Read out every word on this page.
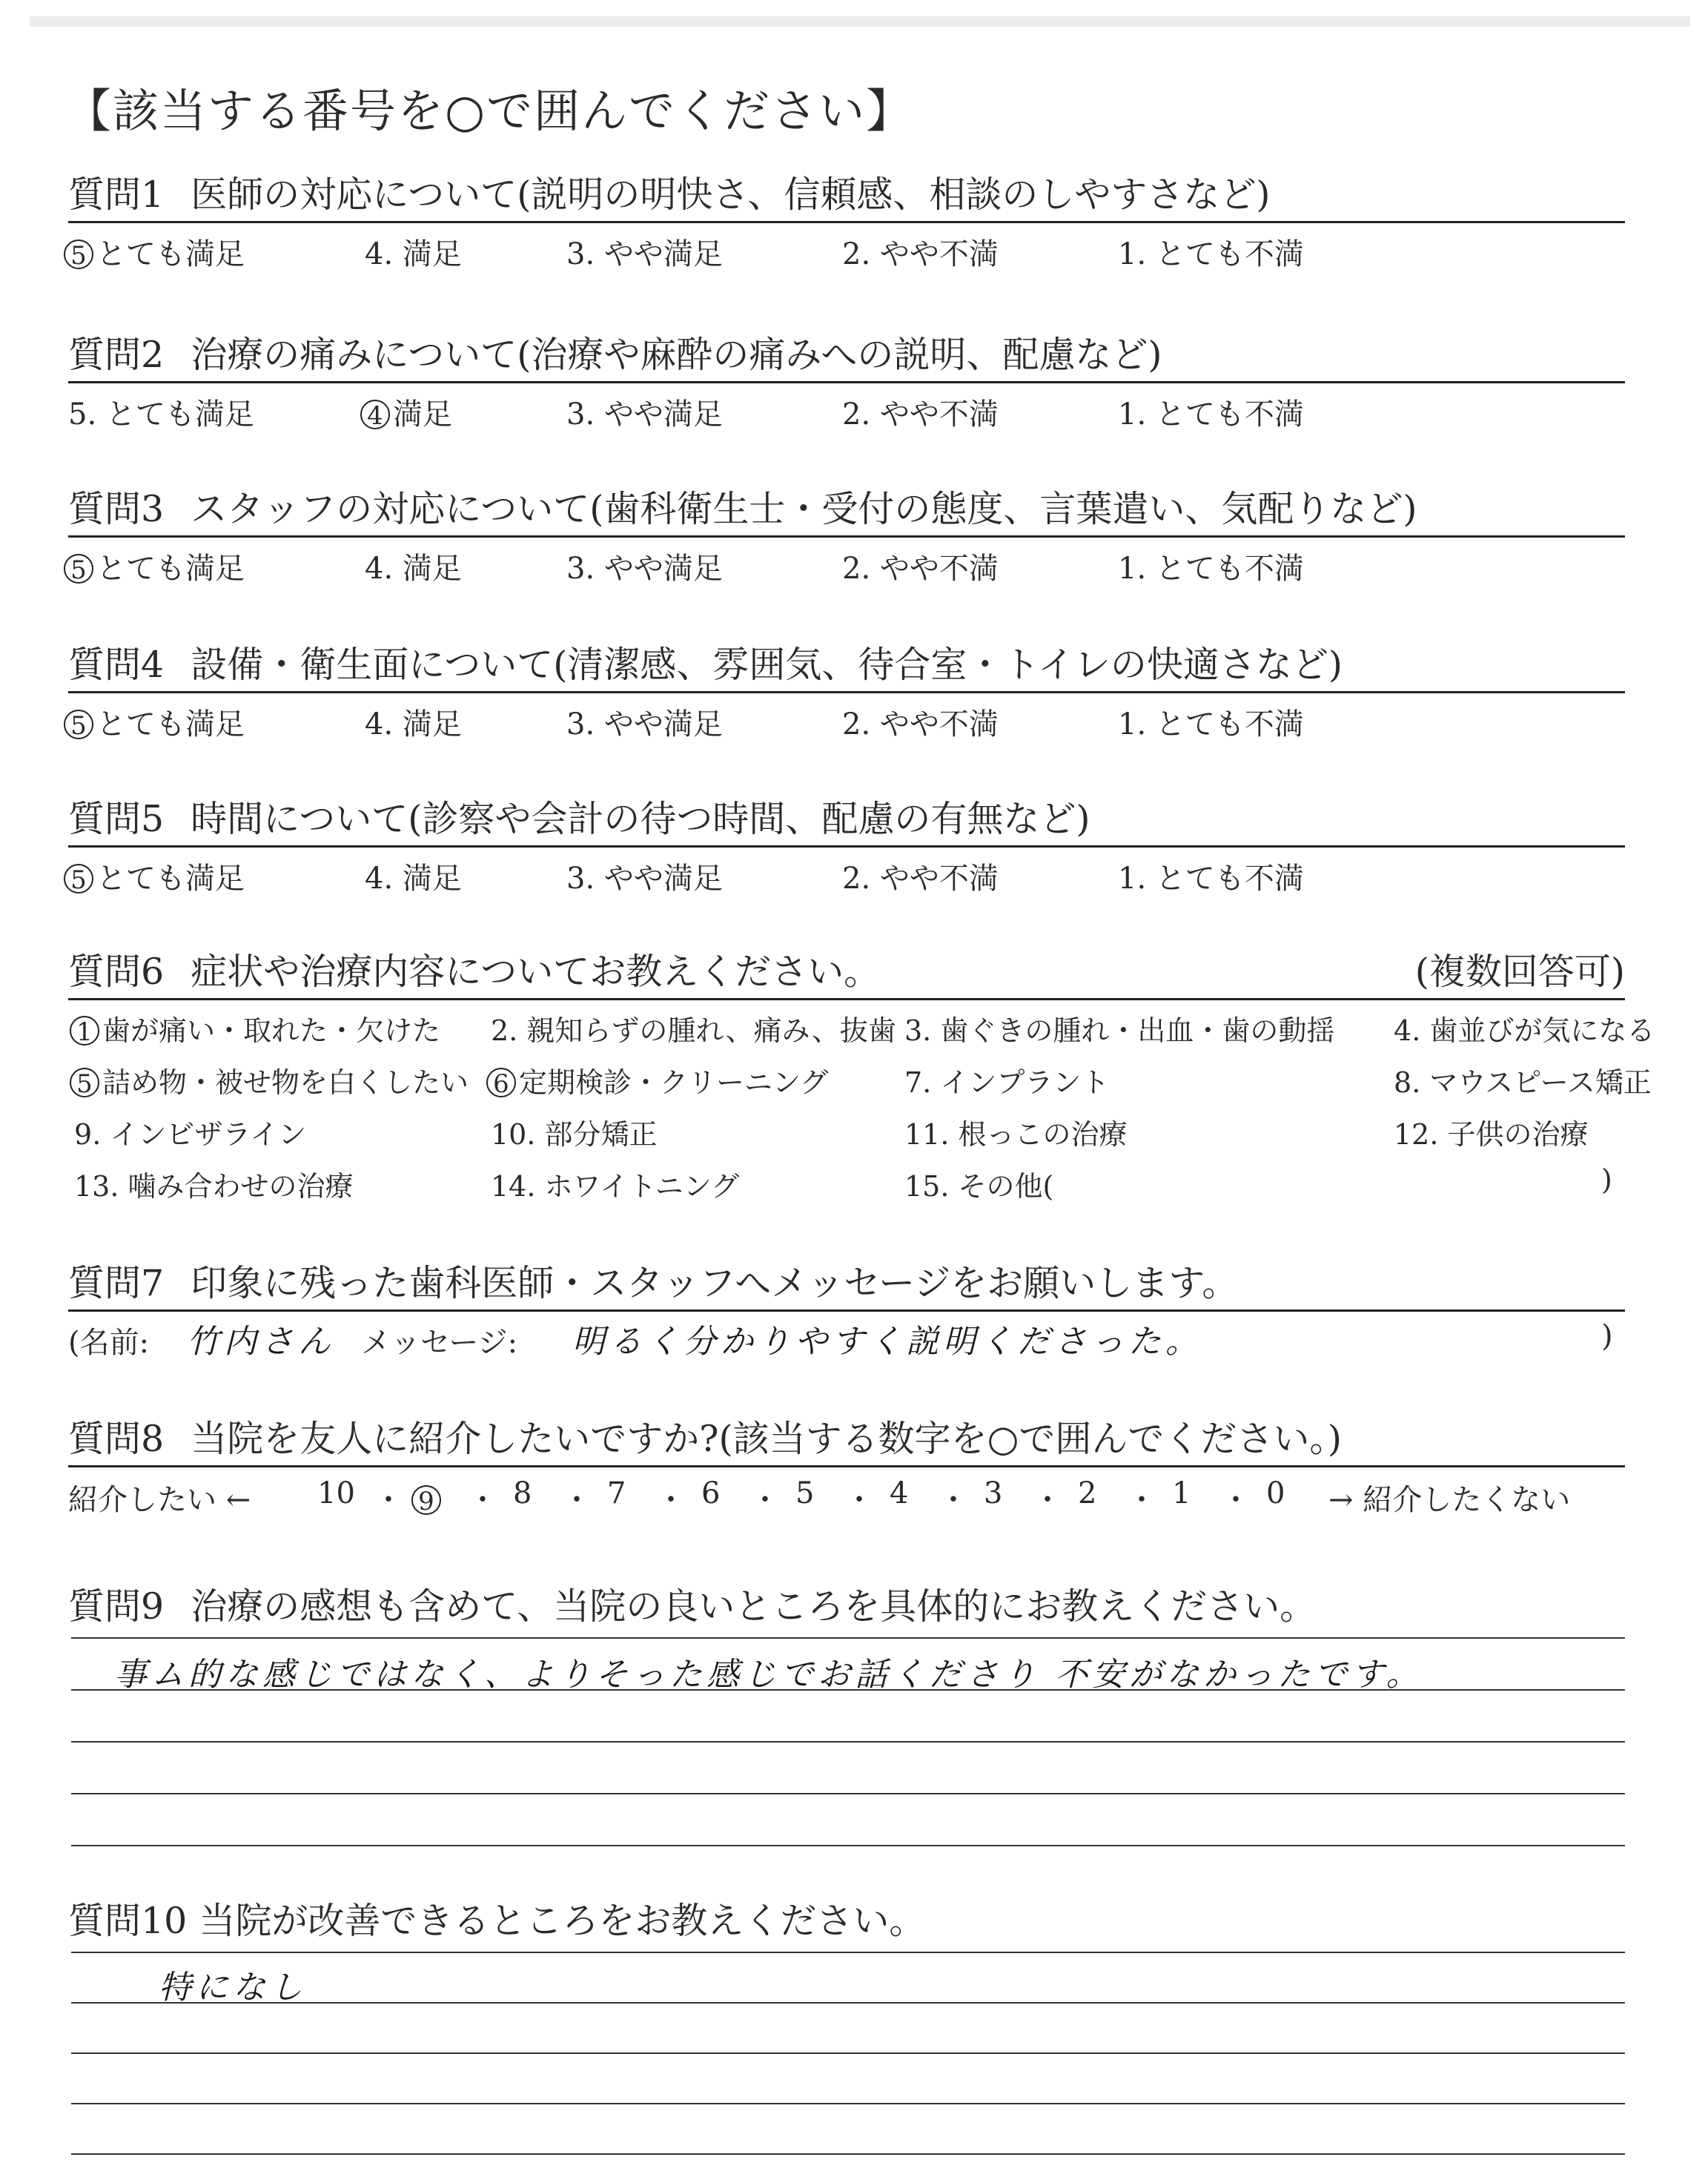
【該当する番号を○で囲んでください】
質問1 医師の対応について(説明の明快さ、信頼感、相談のしやすさなど)
5 とても満足	4. 満足	3. やや満足	2. やや不満	1. とても不満
質問2 治療の痛みについて(治療や麻酔の痛みへの説明、配慮など)
5. とても満足	4 満足	3. やや満足	2. やや不満	1. とても不満
質問3 スタッフの対応について(歯科衛生士・受付の態度、言葉遣い、気配りなど)
5 とても満足	4. 満足	3. やや満足	2. やや不満	1. とても不満
質問4 設備・衛生面について(清潔感、雰囲気、待合室・トイレの快適さなど)
5 とても満足	4. 満足	3. やや満足	2. やや不満	1. とても不満
質問5 時間について(診察や会計の待つ時間、配慮の有無など)
5 とても満足	4. 満足	3. やや満足	2. やや不満	1. とても不満
質問6 症状や治療内容についてお教えください。	(複数回答可)
1 歯が痛い・取れた・欠けた 2. 親知らずの腫れ、痛み、抜歯 3. 歯ぐきの腫れ・出血・歯の動揺 4. 歯並びが気になる
5 詰め物・被せ物を白くしたい 6 定期検診・クリーニング	7. インプラント	8. マウスピース矯正
9. インビザライン	10. 部分矯正	11. 根っこの治療	12. 子供の治療
13. 噛み合わせの治療	14. ホワイトニング	15. その他(	)
質問7 印象に残った歯科医師・スタッフへメッセージをお願いします。
(名前: 竹内さん メッセージ: 明るく分かりやすく説明くださった。	)
質問8 当院を友人に紹介したいですか?(該当する数字を○で囲んでください。)
紹介したい ← 10 ・ 9 ・ 8 ・ 7 ・ 6 ・ 5 ・ 4 ・ 3 ・ 2 ・ 1 ・ 0 → 紹介したくない
質問9 治療の感想も含めて、当院の良いところを具体的にお教えください。
事ム的な感じではなく、よりそった感じでお話くださり 不安がなかったです。
質問10 当院が改善できるところをお教えください。
特になし
